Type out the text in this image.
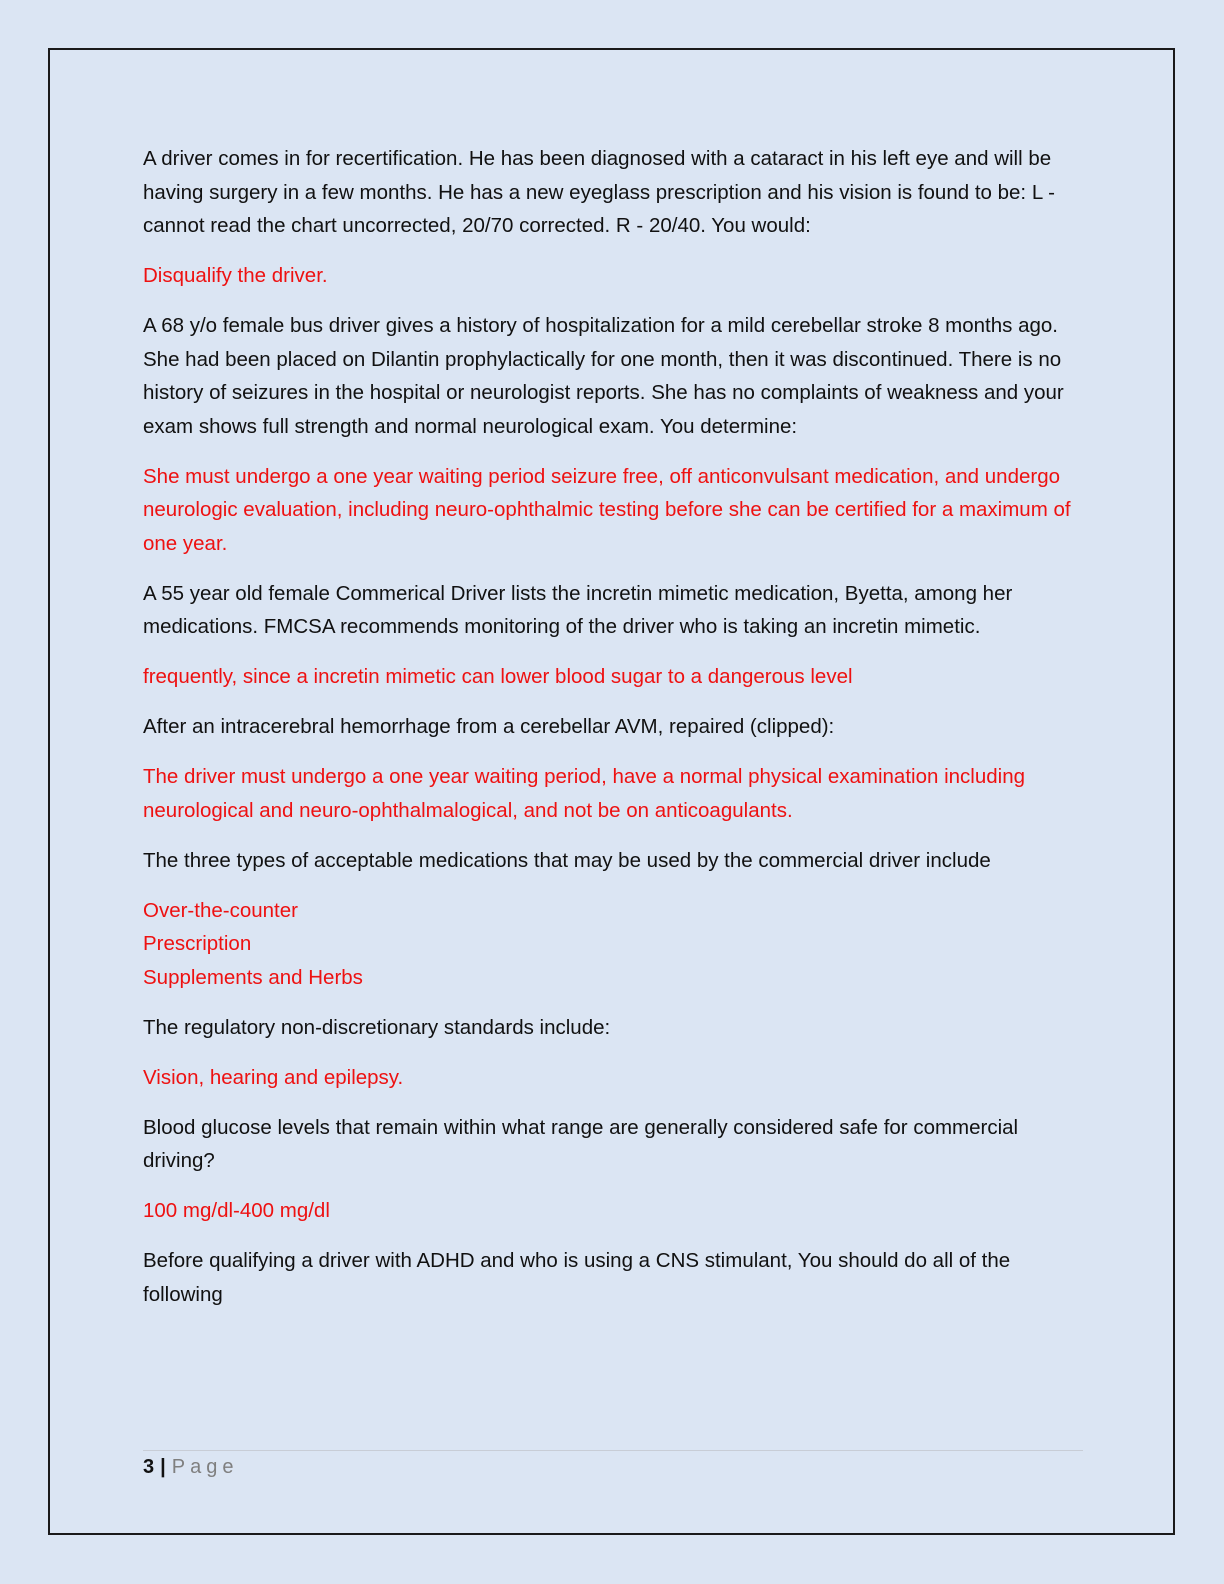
A driver comes in for recertification. He has been diagnosed with a cataract in his left eye and will be having surgery in a few months. He has a new eyeglass prescription and his vision is found to be: L - cannot read the chart uncorrected, 20/70 corrected. R - 20/40. You would:

Disqualify the driver.

A 68 y/o female bus driver gives a history of hospitalization for a mild cerebellar stroke 8 months ago. She had been placed on Dilantin prophylactically for one month, then it was discontinued. There is no history of seizures in the hospital or neurologist reports. She has no complaints of weakness and your exam shows full strength and normal neurological exam. You determine:

She must undergo a one year waiting period seizure free, off anticonvulsant medication, and undergo neurologic evaluation, including neuro-ophthalmic testing before she can be certified for a maximum of one year.

A 55 year old female Commerical Driver lists the incretin mimetic medication, Byetta, among her medications. FMCSA recommends monitoring of the driver who is taking an incretin mimetic.

frequently, since a incretin mimetic can lower blood sugar to a dangerous level

After an intracerebral hemorrhage from a cerebellar AVM, repaired (clipped):

The driver must undergo a one year waiting period, have a normal physical examination including neurological and neuro-ophthalmalogical, and not be on anticoagulants.

The three types of acceptable medications that may be used by the commercial driver include

Over-the-counter
Prescription
Supplements and Herbs

The regulatory non-discretionary standards include:

Vision, hearing and epilepsy.

Blood glucose levels that remain within what range are generally considered safe for commercial driving?

100 mg/dl-400 mg/dl

Before qualifying a driver with ADHD and who is using a CNS stimulant, You should do all of the following

3 | Page
